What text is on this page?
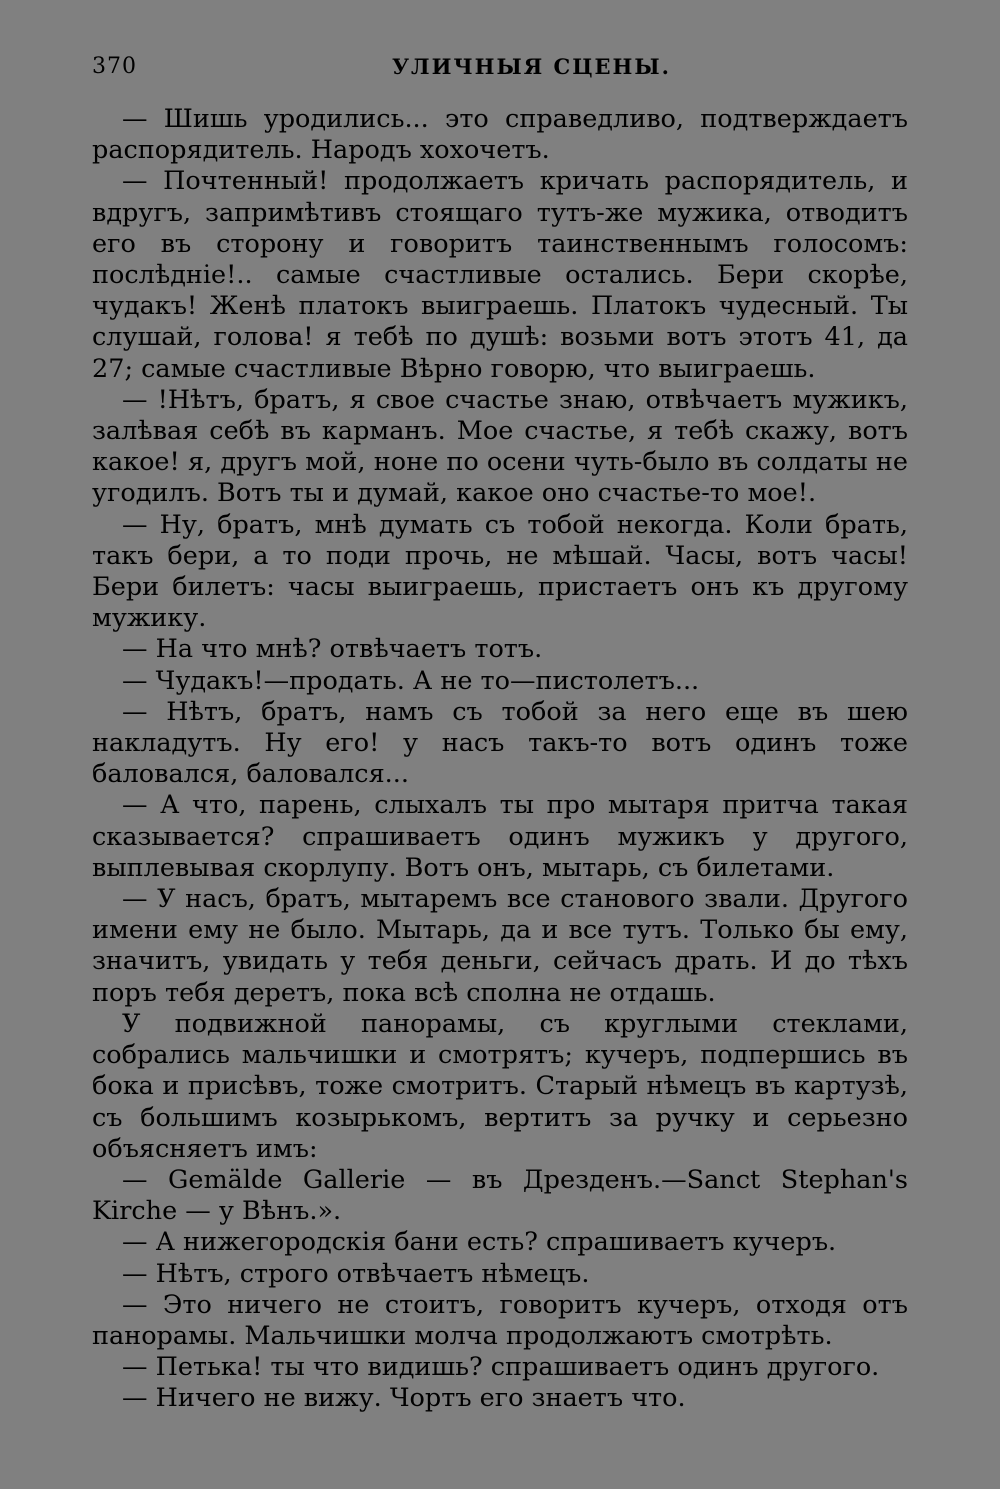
370	УЛИЧНЫЯ СЦЕНЫ.

— Шишь уродились... это справедливо, подтверждаетъ распорядитель. Народъ хохочетъ.

— Почтенный! продолжаетъ кричать распорядитель, и вдругъ, запримѣтивъ стоящаго тутъ-же мужика, отводитъ его въ сторону и говоритъ таинственнымъ голосомъ: послѣдніе!.. самые счастливые остались. Бери скорѣе, чудакъ! Женѣ платокъ выиграешь. Платокъ чудесный. Ты слушай, голова! я тебѣ по душѣ: возьми вотъ этотъ 41, да 27; самые счастливые Вѣрно говорю, что выиграешь.

— !Нѣтъ, братъ, я свое счастье знаю, отвѣчаетъ мужикъ, залѣвая себѣ въ карманъ. Мое счастье, я тебѣ скажу, вотъ какое! я, другъ мой, ноне по осени чуть-было въ солдаты не угодилъ. Вотъ ты и думай, какое оно счастье-то мое!.

— Ну, братъ, мнѣ думать съ тобой некогда. Коли брать, такъ бери, а то поди прочь, не мѣшай. Часы, вотъ часы! Бери билетъ: часы выиграешь, пристаетъ онъ къ другому мужику.

— На что мнѣ? отвѣчаетъ тотъ.

— Чудакъ!—продать. А не то—пистолетъ...

— Нѣтъ, братъ, намъ съ тобой за него еще въ шею накладутъ. Ну его! у насъ такъ-то вотъ одинъ тоже баловался, баловался...

— А что, парень, слыхалъ ты про мытаря притча такая сказывается? спрашиваетъ одинъ мужикъ у другого, выплевывая скорлупу. Вотъ онъ, мытарь, съ билетами.

— У насъ, братъ, мытаремъ все станового звали. Другого имени ему не было. Мытарь, да и все тутъ. Только бы ему, значитъ, увидать у тебя деньги, сейчасъ драть. И до тѣхъ поръ тебя деретъ, пока всѣ сполна не отдашь.

У подвижной панорамы, съ круглыми стеклами, собрались мальчишки и смотрятъ; кучеръ, подпершись въ бока и присѣвъ, тоже смотритъ. Старый нѣмецъ въ картузѣ, съ большимъ козырькомъ, вертитъ за ручку и серьезно объясняетъ имъ:

— Gemälde Gallerie — въ Дрезденъ.—Sanct Stephan's Kirche — у Вѣнъ.».

— А нижегородскія бани есть? спрашиваетъ кучеръ.

— Нѣтъ, строго отвѣчаетъ нѣмецъ.

— Это ничего не стоитъ, говоритъ кучеръ, отходя отъ панорамы. Мальчишки молча продолжаютъ смотрѣть.

— Петька! ты что видишь? спрашиваетъ одинъ другого.

— Ничего не вижу. Чортъ его знаетъ что.
